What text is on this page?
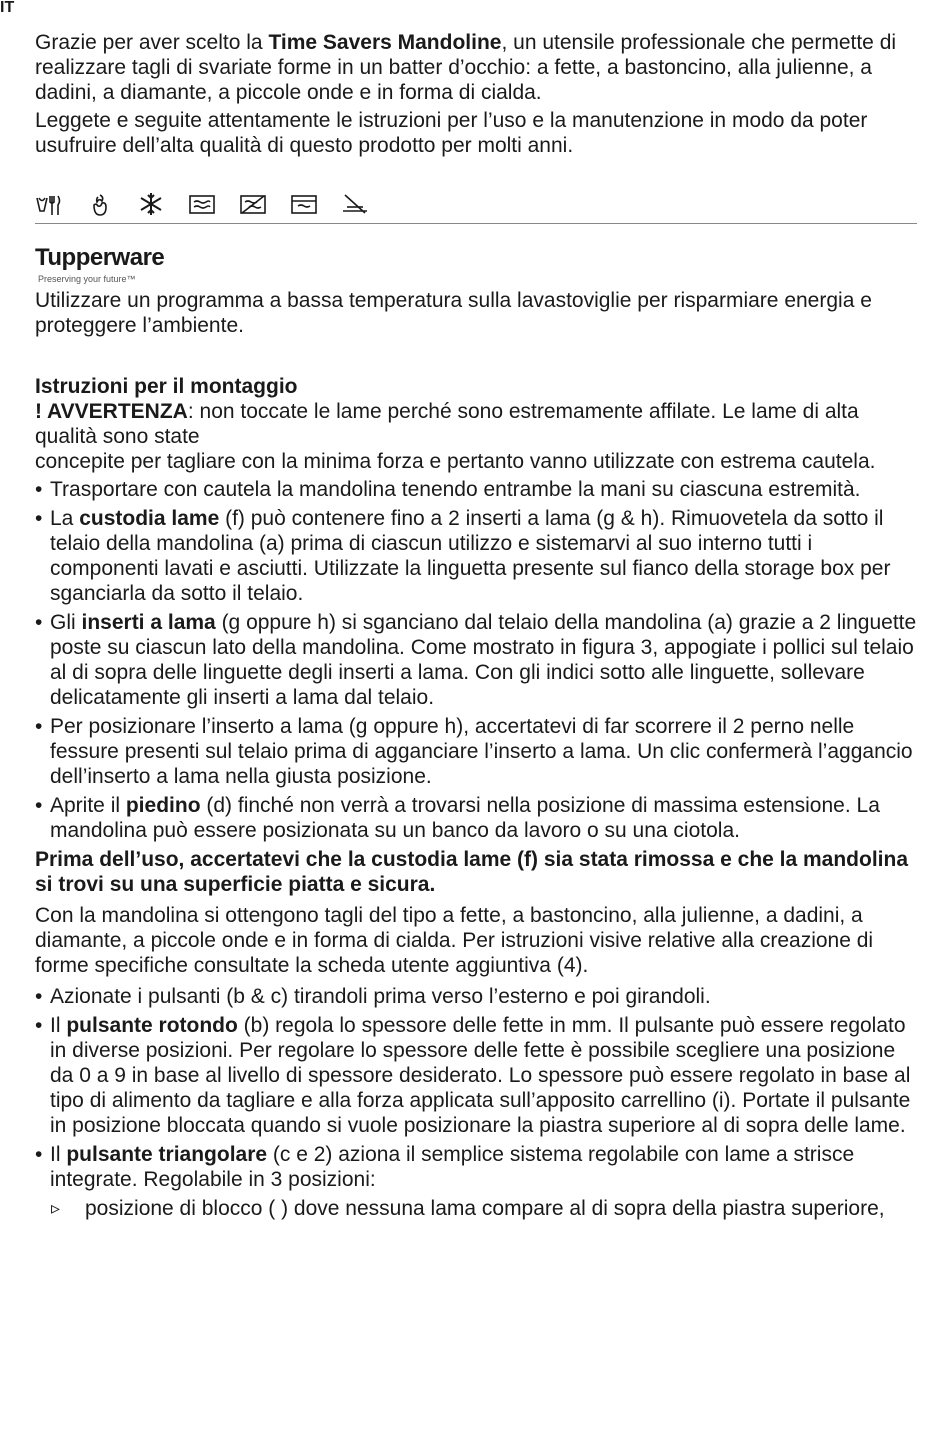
IT

Grazie per aver scelto la Time Savers Mandoline, un utensile professionale che permette di realizzare tagli di svariate forme in un batter d’occhio: a fette, a bastoncino, alla julienne, a dadini, a diamante, a piccole onde e in forma di cialda.

Leggete e seguite attentamente le istruzioni per l’uso e la manutenzione in modo da poter usufruire dell’alta qualità di questo prodotto per molti anni.

Tupperware
Preserving your future™

Utilizzare un programma a bassa temperatura sulla lavastoviglie per risparmiare energia e proteggere l’ambiente.

Istruzioni per il montaggio

! AVVERTENZA: non toccate le lame perché sono estremamente affilate. Le lame di alta qualità sono state

concepite per tagliare con la minima forza e pertanto vanno utilizzate con estrema cautela.

• Trasportare con cautela la mandolina tenendo entrambe la mani su ciascuna estremità.
• La custodia lame (f) può contenere fino a 2 inserti a lama (g & h). Rimuovetela da sotto il telaio della mandolina (a) prima di ciascun utilizzo e sistemarvi al suo interno tutti i componenti lavati e asciutti. Utilizzate la linguetta presente sul fianco della storage box per sganciarla da sotto il telaio.
• Gli inserti a lama (g oppure h) si sganciano dal telaio della mandolina (a) grazie a 2 linguette poste su ciascun lato della mandolina. Come mostrato in figura 3, appogiate i pollici sul telaio al di sopra delle linguette degli inserti a lama. Con gli indici sotto alle linguette, sollevare delicatamente gli inserti a lama dal telaio.
• Per posizionare l’inserto a lama (g oppure h), accertatevi di far scorrere il 2 perno nelle fessure presenti sul telaio prima di agganciare l’inserto a lama. Un clic confermerà l’aggancio dell’inserto a lama nella giusta posizione.
• Aprite il piedino (d) finché non verrà a trovarsi nella posizione di massima estensione. La mandolina può essere posizionata su un banco da lavoro o su una ciotola.

Prima dell’uso, accertatevi che la custodia lame (f) sia stata rimossa e che la mandolina si trovi su una superficie piatta e sicura.

Con la mandolina si ottengono tagli del tipo a fette, a bastoncino, alla julienne, a dadini, a diamante, a piccole onde e in forma di cialda. Per istruzioni visive relative alla creazione di forme specifiche consultate la scheda utente aggiuntiva (4).

• Azionate i pulsanti (b & c) tirandoli prima verso l’esterno e poi girandoli.
• Il pulsante rotondo (b) regola lo spessore delle fette in mm. Il pulsante può essere regolato in diverse posizioni. Per regolare lo spessore delle fette è possibile scegliere una posizione da 0 a 9 in base al livello di spessore desiderato. Lo spessore può essere regolato in base al tipo di alimento da tagliare e alla forza applicata sull’apposito carrellino (i). Portate il pulsante in posizione bloccata quando si vuole posizionare la piastra superiore al di sopra delle lame.
• Il pulsante triangolare (c e 2) aziona il semplice sistema regolabile con lame a strisce integrate. Regolabile in 3 posizioni:
▹ posizione di blocco ( ) dove nessuna lama compare al di sopra della piastra superiore,
